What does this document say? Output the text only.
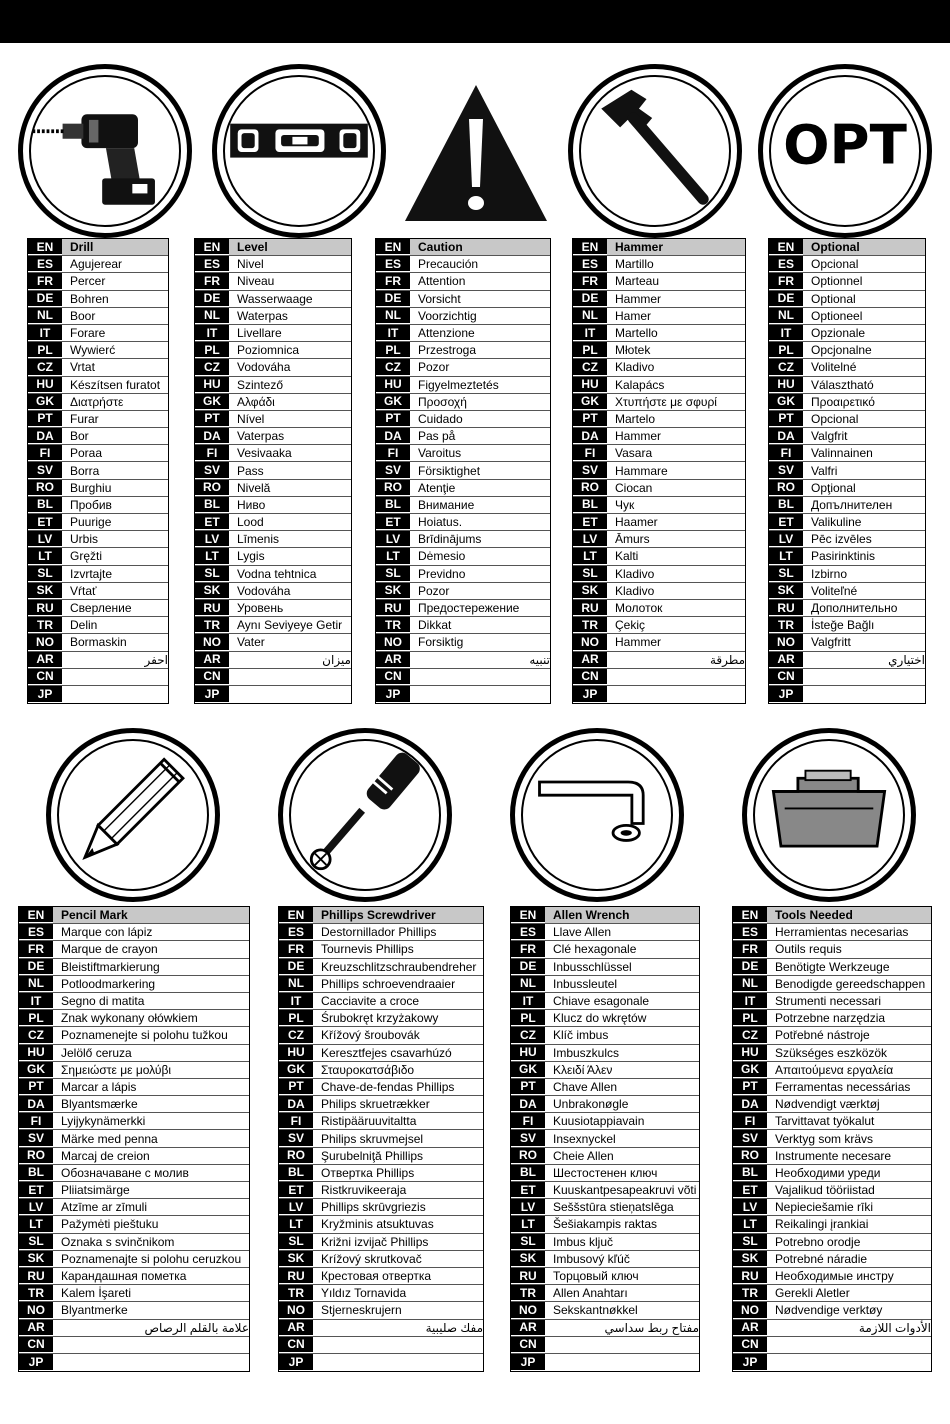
OPT
EN	Drill
ES	Agujerear
FR	Percer
DE	Bohren
NL	Boor
IT	Forare
PL	Wywierć
CZ	Vrtat
HU	Készítsen furatot
GK	Διατρήστε
PT	Furar
DA	Bor
FI	Poraa
SV	Borra
RO	Burghiu
BL	Пробив
ET	Puurige
LV	Urbis
LT	Gręžti
SL	Izvrtajte
SK	Vŕtať
RU	Сверление
TR	Delin
NO	Bormaskin
AR	احفر
CN
JP
EN	Level
ES	Nivel
FR	Niveau
DE	Wasserwaage
NL	Waterpas
IT	Livellare
PL	Poziomnica
CZ	Vodováha
HU	Szintező
GK	Αλφάδι
PT	Nível
DA	Vaterpas
FI	Vesivaaka
SV	Pass
RO	Nivelă
BL	Ниво
ET	Lood
LV	Līmenis
LT	Lygis
SL	Vodna tehtnica
SK	Vodováha
RU	Уровень
TR	Aynı Seviyeye Getir
NO	Vater
AR	ميزان
CN
JP
EN	Caution
ES	Precaución
FR	Attention
DE	Vorsicht
NL	Voorzichtig
IT	Attenzione
PL	Przestroga
CZ	Pozor
HU	Figyelmeztetés
GK	Προσοχή
PT	Cuidado
DA	Pas på
FI	Varoitus
SV	Försiktighet
RO	Atenţie
BL	Внимание
ET	Hoiatus.
LV	Brīdinājums
LT	Dėmesio
SL	Previdno
SK	Pozor
RU	Предостережение
TR	Dikkat
NO	Forsiktig
AR	تنبيه
CN
JP
EN	Hammer
ES	Martillo
FR	Marteau
DE	Hammer
NL	Hamer
IT	Martello
PL	Młotek
CZ	Kladivo
HU	Kalapács
GK	Χτυπήστε με σφυρί
PT	Martelo
DA	Hammer
FI	Vasara
SV	Hammare
RO	Ciocan
BL	Чук
ET	Haamer
LV	Āmurs
LT	Kalti
SL	Kladivo
SK	Kladivo
RU	Молоток
TR	Çekiç
NO	Hammer
AR	مطرقة
CN
JP
EN	Optional
ES	Opcional
FR	Optionnel
DE	Optional
NL	Optioneel
IT	Opzionale
PL	Opcjonalne
CZ	Volitelné
HU	Választható
GK	Προαιρετικό
PT	Opcional
DA	Valgfrit
FI	Valinnainen
SV	Valfri
RO	Opţional
BL	Допълнителен
ET	Valikuline
LV	Pēc izvēles
LT	Pasirinktinis
SL	Izbirno
SK	Voliteľné
RU	Дополнительно
TR	İsteğe Bağlı
NO	Valgfritt
AR	اختياري
CN
JP
EN	Pencil Mark
ES	Marque con lápiz
FR	Marque de crayon
DE	Bleistiftmarkierung
NL	Potloodmarkering
IT	Segno di matita
PL	Znak wykonany ołówkiem
CZ	Poznamenejte si polohu tužkou
HU	Jelölő ceruza
GK	Σημειώστε με μολύβι
PT	Marcar a lápis
DA	Blyantsmærke
FI	Lyijykynämerkki
SV	Märke med penna
RO	Marcaj de creion
BL	Обозначаване с молив
ET	Pliiatsimärge
LV	Atzīme ar zīmuli
LT	Pažymėti pieštuku
SL	Oznaka s svinčnikom
SK	Poznamenajte si polohu ceruzkou
RU	Карандашная пометка
TR	Kalem İşareti
NO	Blyantmerke
AR	علامة بالقلم الرصاص
CN
JP
EN	Phillips Screwdriver
ES	Destornillador Phillips
FR	Tournevis Phillips
DE	Kreuzschlitzschraubendreher
NL	Phillips schroevendraaier
IT	Cacciavite a croce
PL	Śrubokręt krzyżakowy
CZ	Křížový šroubovák
HU	Keresztfejes csavarhúzó
GK	Σταυροκατσάβιδο
PT	Chave-de-fendas Phillips
DA	Philips skruetrækker
FI	Ristipääruuvitaltta
SV	Philips skruvmejsel
RO	Şurubelniţă Phillips
BL	Отвертка Phillips
ET	Ristkruvikeeraja
LV	Phillips skrūvgriezis
LT	Kryžminis atsuktuvas
SL	Križni izvijač Phillips
SK	Krížový skrutkovač
RU	Крестовая отвертка
TR	Yıldız Tornavida
NO	Stjerneskrujern
AR	مفك صليبية
CN
JP
EN	Allen Wrench
ES	Llave Allen
FR	Clé hexagonale
DE	Inbusschlüssel
NL	Inbussleutel
IT	Chiave esagonale
PL	Klucz do wkrętów
CZ	Klíč imbus
HU	Imbuszkulcs
GK	Κλειδί Άλεν
PT	Chave Allen
DA	Unbrakonøgle
FI	Kuusiotappiavain
SV	Insexnyckel
RO	Cheie Allen
BL	Шестостенен ключ
ET	Kuuskantpesapeakruvi võti
LV	Seššstūra stieņatslēga
LT	Šešiakampis raktas
SL	Imbus ključ
SK	Imbusový kľúč
RU	Торцовый ключ
TR	Allen Anahtarı
NO	Sekskantnøkkel
AR	مفتاح ربط سداسي
CN
JP
EN	Tools Needed
ES	Herramientas necesarias
FR	Outils requis
DE	Benötigte Werkzeuge
NL	Benodigde gereedschappen
IT	Strumenti necessari
PL	Potrzebne narzędzia
CZ	Potřebné nástroje
HU	Szükséges eszközök
GK	Απαιτούμενα εργαλεία
PT	Ferramentas necessárias
DA	Nødvendigt værktøj
FI	Tarvittavat työkalut
SV	Verktyg som krävs
RO	Instrumente necesare
BL	Необходими уреди
ET	Vajalikud tööriistad
LV	Nepieciešamie rīki
LT	Reikalingi įrankiai
SL	Potrebno orodje
SK	Potrebné náradie
RU	Необходимые инстру
TR	Gerekli Aletler
NO	Nødvendige verktøy
AR	الأدوات اللازمة
CN
JP
